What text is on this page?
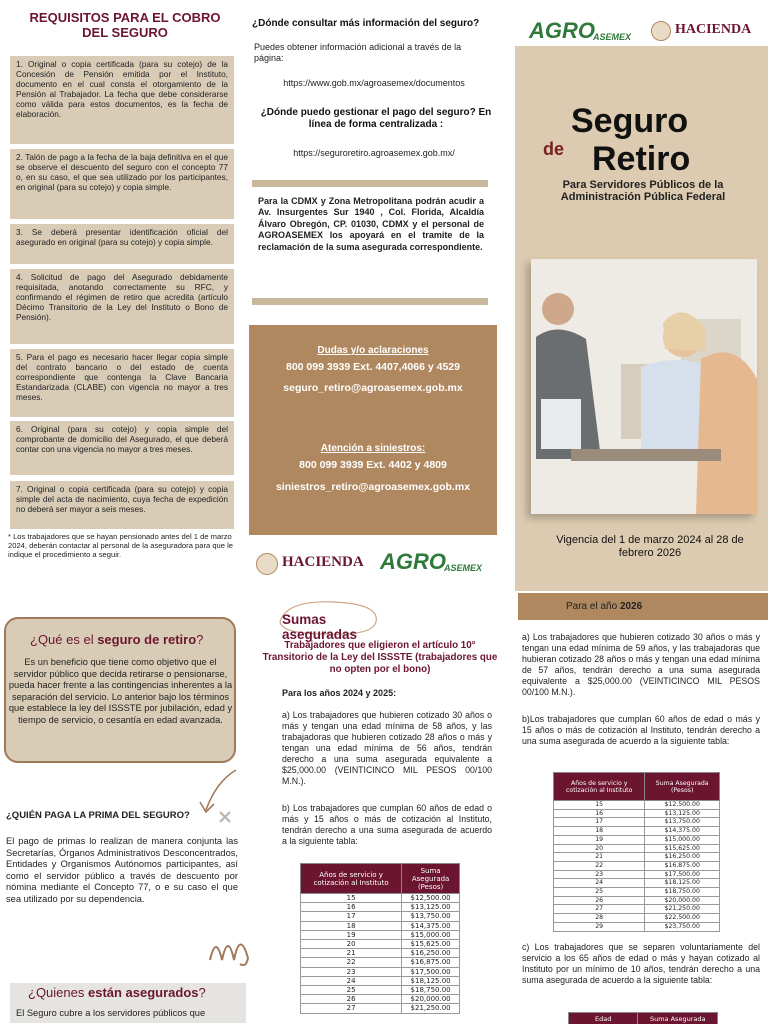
REQUISITOS PARA EL COBRO DEL SEGURO
1. Original o copia certificada (para su cotejo) de la Concesión de Pensión emitida por el Instituto, documento en el cual consta el otorgamiento de la Pensión al Trabajador. La fecha que debe considerarse como válida para estos documentos, es la fecha de elaboración.
2. Talón de pago a la fecha de la baja definitiva en el que se observe el descuento del seguro con el concepto 77 o, en su caso, el que sea utilizado por los participantes, en original (para su cotejo) y copia simple.
3. Se deberá presentar identificación oficial del asegurado en original (para su cotejo) y copia simple.
4. Solicitud de pago del Asegurado debidamente requisitada, anotando correctamente su RFC, y confirmando el régimen de retiro que acredita (artículo Décimo Transitorio de la Ley del Instituto o Bono de Pensión).
5. Para el pago es necesario hacer llegar copia simple del contrato bancario o del estado de cuenta correspondiente que contenga la Clave Bancaria Estandarizada (CLABE) con vigencia no mayor a tres meses.
6. Original (para su cotejo) y copia simple del comprobante de domicilio del Asegurado, el que deberá contar con una vigencia no mayor a tres meses.
7. Original o copia certificada (para su cotejo) y copia simple del acta de nacimiento, cuya fecha de expedición no deberá ser mayor a seis meses.
* Los trabajadores que se hayan pensionado antes del 1 de marzo 2024, deberán contactar al personal de la aseguradora para que le indique el procedimiento a seguir.
¿Dónde consultar más información del seguro?
Puedes obtener información adicional a través de la página:
https://www.gob.mx/agroasemex/documentos
¿Dónde puedo gestionar el pago del seguro? En línea de forma centralizada :
https://seguroretiro.agroasemex.gob.mx/
Para la CDMX y Zona Metropolitana podrán acudir a Av. Insurgentes Sur 1940 , Col. Florida, Alcaldía Álvaro Obregón, CP. 01030, CDMX y el personal de AGROASEMEX los apoyará en el tramite de la reclamación de la suma asegurada correspondiente.
Dudas y/o aclaraciones
800 099 3939 Ext. 4407,4066 y 4529
seguro_retiro@agroasemex.gob.mx
Atención a siniestros:
800 099 3939 Ext. 4402 y 4809
siniestros_retiro@agroasemex.gob.mx
HACIENDA AGRO
ASEMEX
AGRO
ASEMEX	HACIENDA
Seguro
de Retiro
Para Servidores Públicos de la Administración Pública Federal
Vigencia del 1 de marzo 2024 al 28 de febrero 2026
¿Qué es el seguro de retiro?
Es un beneficio que tiene como objetivo que el servidor público que decida retirarse o pensionarse, pueda hacer frente a las contingencias inherentes a la separación del servicio. Lo anterior bajo los términos que establece la ley del ISSSTE por jubilación, edad y tiempo de servicio, o cesantía en edad avanzada.
¿QUIÉN PAGA LA PRIMA DEL SEGURO?
El pago de primas lo realizan de manera conjunta las Secretarías, Órganos Administrativos Desconcentrados, Entidades y Organismos Autónomos participantes, así como el servidor público a través de descuento por nómina mediante el Concepto 77, o e su caso el que sea utilizado por su dependencia.
¿Quienes están asegurados?
El Seguro cubre a los servidores públicos que
Sumas aseguradas
Trabajadores que eligieron el artículo 10° Transitorio de la Ley del ISSSTE (trabajadores que no opten por el bono)
Para los años 2024 y 2025:
a) Los trabajadores que hubieren cotizado 30 años o más y tengan una edad mínima de 58 años, y las trabajadoras que hubieren cotizado 28 años o más y tengan una edad mínima de 56 años, tendrán derecho a una suma asegurada equivalente a $25,000.00 (VEINTICINCO MIL PESOS 00/100 M.N.).
b) Los trabajadores que cumplan 60 años de edad o más y 15 años o más de cotización al Instituto, tendrán derecho a una suma asegurada de acuerdo a la siguiente tabla:
Años de servicio y cotización al Instituto	Suma Asegurada (Pesos)
15	$12,500.00
16	$13,125.00
17	$13,750.00
18	$14,375.00
19	$15,000.00
20	$15,625.00
21	$16,250.00
22	$16,875.00
23	$17,500.00
24	$18,125.00
25	$18,750.00
26	$20,000.00
27	$21,250.00
Para el año 2026
a) Los trabajadores que hubieren cotizado 30 años o más y tengan una edad mínima de 59 años, y las trabajadoras que hubieran cotizado 28 años o más y tengan una edad mínima de 57 años, tendrán derecho a una suma asegurada equivalente a $25,000.00 (VEINTICINCO MIL PESOS 00/100 M.N.).
b)Los trabajadores que cumplan 60 años de edad o más y 15 años o más de cotización al Instituto, tendrán derecho a una suma asegurada de acuerdo a la siguiente tabla:
Años de servicio y cotización al Instituto	Suma Asegurada (Pesos)
15	$12,500.00
16	$13,125.00
17	$13,750.00
18	$14,375.00
19	$15,000.00
20	$15,625.00
21	$16,250.00
22	$16,875.00
23	$17,500.00
24	$18,125.00
25	$18,750.00
26	$20,000.00
27	$21,250.00
28	$22,500.00
29	$23,750.00
c) Los trabajadores que se separen voluntariamente del servicio a los 65 años de edad o más y hayan cotizado al Instituto por un mínimo de 10 años, tendrán derecho a una suma asegurada de acuerdo a la siguiente tabla:
Edad	Suma Asegurada
